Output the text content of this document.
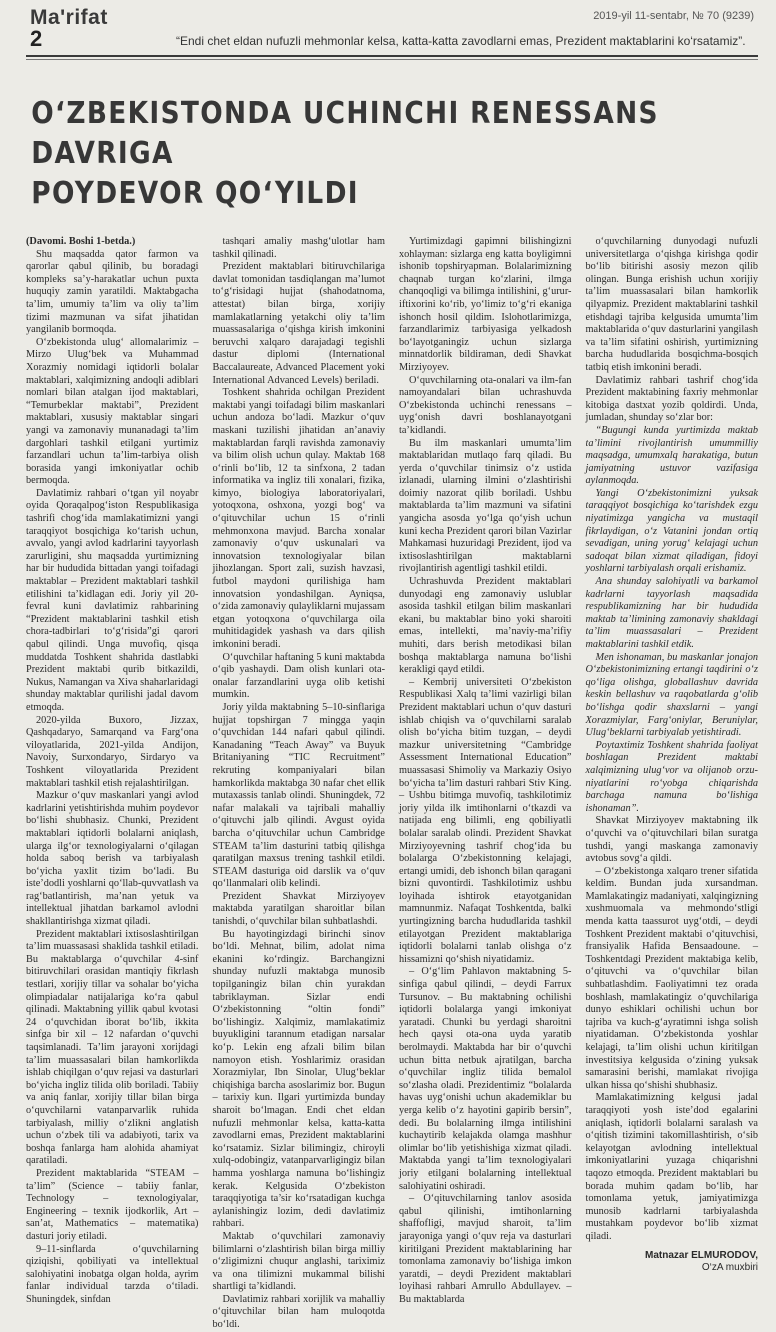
Ma'rifat	2019-yil 11-sentabr, № 70 (9239)
2	“Endi chet eldan nufuzli mehmonlar kelsa, katta-katta zavodlarni emas, Prezident maktablarini ko‘rsatamiz”.
O‘ZBEKISTONDA UCHINCHI RENESSANS DAVRIGA
POYDEVOR QO‘YILDI

(Davomi. Boshi 1-betda.)

Shu maqsadda qator farmon va qarorlar qabul qilinib, bu boradagi kompleks sa’y-harakatlar uchun puxta huquqiy zamin yaratildi. Maktabgacha ta’lim, umumiy ta’lim va oliy ta’lim tizimi mazmunan va sifat jihatidan yangilanib bormoqda.

O‘zbekistonda ulug‘ allomalarimiz – Mirzo Ulug‘bek va Muhammad Xorazmiy nomidagi iqtidorli bolalar maktablari, xalqimizning andoqli adiblari nomlari bilan atalgan ijod maktablari, “Temurbeklar maktabi”, Prezident maktablari, xususiy maktablar singari yangi va zamonaviy munanadagi ta’lim dargohlari tashkil etilgani yurtimiz farzandlari uchun ta’lim-tarbiya olish borasida yangi imkoniyatlar ochib bermoqda.

Davlatimiz rahbari o‘tgan yil noyabr oyida Qoraqalpog‘iston Respublikasiga tashrifi chog‘ida mamlakatimizni yangi taraqqiyot bosqichiga ko‘tarish uchun, avvalo, yangi avlod kadrlarini tayyorlash zarurligini, shu maqsadda yurtimizning har bir hududida bittadan yangi toifadagi maktablar – Prezident maktablari tashkil etilishini ta’kidlagan edi. Joriy yil 20-fevral kuni davlatimiz rahbarining “Prezident maktablarini tashkil etish chora-tadbirlari to‘g‘risida”gi qarori qabul qilindi. Unga muvofiq, qisqa muddatda Toshkent shahrida dastlabki Prezident maktabi qurib bitkazildi, Nukus, Namangan va Xiva shaharlaridagi shunday maktablar qurilishi jadal davom etmoqda.

2020-yilda Buxoro, Jizzax, Qashqadaryo, Samarqand va Farg‘ona viloyatlarida, 2021-yilda Andijon, Navoiy, Surxondaryo, Sirdaryo va Toshkent viloyatlarida Prezident maktablari tashkil etish rejalashtirilgan.

Mazkur o‘quv maskanlari yangi avlod kadrlarini yetishtirishda muhim poydevor bo‘lishi shubhasiz. Chunki, Prezident maktablari iqtidorli bolalarni aniqlash, ularga ilg‘or texnologiyalarni o‘qilagan holda saboq berish va tarbiyalash bo‘yicha yaxlit tizim bo‘ladi. Bu iste’dodli yoshlarni qo‘llab-quvvatlash va rag‘batlantirish, ma’nan yetuk va intellektual jihatdan barkamol avlodni shakllantirishga xizmat qiladi.

Prezident maktablari ixtisoslashtirilgan ta’lim muassasasi shaklida tashkil etiladi. Bu maktablarga o‘quvchilar 4-sinf bitiruvchilari orasidan mantiqiy fikrlash testlari, xorijiy tillar va sohalar bo‘yicha olimpiadalar natijalariga ko‘ra qabul qilinadi. Maktabning yillik qabul kvotasi 24 o‘quvchidan iborat bo‘lib, ikkita sinfga bir xil – 12 nafardan o‘quvchi taqsimlanadi. Ta’lim jarayoni xorijdagi ta’lim muassasalari bilan hamkorlikda ishlab chiqilgan o‘quv rejasi va dasturlari bo‘yicha ingliz tilida olib boriladi. Tabiiy va aniq fanlar, xorijiy tillar bilan birga o‘quvchilarni vatanparvarlik ruhida tarbiyalash, milliy o‘zlikni anglatish uchun o‘zbek tili va adabiyoti, tarix va boshqa fanlarga ham alohida ahamiyat qaratiladi.

Prezident maktablarida “STEAM – ta’lim” (Science – tabiiy fanlar, Technology – texnologiyalar, Engineering – texnik ijodkorlik, Art – san’at, Mathematics – matematika) dasturi joriy etiladi.

9–11-sinflarda o‘quvchilarning qiziqishi, qobiliyati va intellektual salohiyatini inobatga olgan holda, ayrim fanlar individual tarzda o‘tiladi. Shuningdek, sinfdan

tashqari amaliy mashg‘ulotlar ham tashkil qilinadi.

Prezident maktablari bitiruvchilariga davlat tomonidan tasdiqlangan ma’lumot to‘g‘risidagi hujjat (shahodatnoma, attestat) bilan birga, xorijiy mamlakatlarning yetakchi oliy ta’lim muassasalariga o‘qishga kirish imkonini beruvchi xalqaro darajadagi tegishli dastur diplomi (International Baccalaureate, Advanced Placement yoki International Advanced Levels) beriladi.

Toshkent shahrida ochilgan Prezident maktabi yangi toifadagi bilim maskanlari uchun andoza bo‘ladi. Mazkur o‘quv maskani tuzilishi jihatidan an’anaviy maktablardan farqli ravishda zamonaviy va bilim olish uchun qulay. Maktab 168 o‘rinli bo‘lib, 12 ta sinfxona, 2 tadan informatika va ingliz tili xonalari, fizika, kimyo, biologiya laboratoriyalari, yotoqxona, oshxona, yozgi bog‘ va o‘qituvchilar uchun 15 o‘rinli mehmonxona mavjud. Barcha xonalar zamonaviy o‘quv uskunalari va innovatsion texnologiyalar bilan jihozlangan. Sport zali, suzish havzasi, futbol maydoni qurilishiga ham innovatsion yondashilgan. Ayniqsa, o‘zida zamonaviy qulayliklarni mujassam etgan yotoqxona o‘quvchilarga oila muhitidagidek yashash va dars qilish imkonini beradi.

O‘quvchilar haftaning 5 kuni maktabda o‘qib yashaydi. Dam olish kunlari ota-onalar farzandlarini uyga olib ketishi mumkin.

Joriy yilda maktabning 5–10-sinflariga hujjat topshirgan 7 mingga yaqin o‘quvchidan 144 nafari qabul qilindi. Kanadaning “Teach Away” va Buyuk Britaniyaning “TIC Recruitment” rekruting kompaniyalari bilan hamkorlikda maktabga 30 nafar chet ellik mutaxassis tanlab olindi. Shuningdek, 72 nafar malakali va tajribali mahalliy o‘qituvchi jalb qilindi. Avgust oyida barcha o‘qituvchilar uchun Cambridge STEAM ta’lim dasturini tatbiq qilishga qaratilgan maxsus trening tashkil etildi. STEAM dasturiga oid darslik va o‘quv qo‘llanmalari olib kelindi.

Prezident Shavkat Mirziyoyev maktabda yaratilgan sharoitlar bilan tanishdi, o‘quvchilar bilan suhbatlashdi.

Bu hayotingizdagi birinchi sinov bo‘ldi. Mehnat, bilim, adolat nima ekanini ko‘rdingiz. Barchangizni shunday nufuzli maktabga munosib topilganingiz bilan chin yurakdan tabriklayman. Sizlar endi O‘zbekistonning “oltin fondi” bo‘lishingiz. Xalqimiz, mamlakatimiz buyukligini tarannum etadigan narsalar ko‘p. Lekin eng afzali bilim bilan namoyon etish. Yoshlarimiz orasidan Xorazmiylar, Ibn Sinolar, Ulug‘beklar chiqishiga barcha asoslarimiz bor. Bugun – tarixiy kun. Ilgari yurtimizda bunday sharoit bo‘lmagan. Endi chet eldan nufuzli mehmonlar kelsa, katta-katta zavodlarni emas, Prezident maktablarini ko‘rsatamiz. Sizlar bilimingiz, chiroyli xulq-odobingiz, vatanparvarligingiz bilan hamma yoshlarga namuna bo‘lishingiz kerak. Kelgusida O‘zbekiston taraqqiyotiga ta’sir ko‘rsatadigan kuchga aylanishingiz lozim, dedi davlatimiz rahbari.

Maktab o‘quvchilari zamonaviy bilimlarni o‘zlashtirish bilan birga milliy o‘zligimizni chuqur anglashi, tariximiz va ona tilimizni mukammal bilishi shartligi ta’kidlandi.

Davlatimiz rahbari xorijlik va mahalliy o‘qituvchilar bilan ham muloqotda bo‘ldi.

Yurtimizdagi gapimni bilishingizni xohlayman: sizlarga eng katta boyligimni ishonib topshiryapman. Bolalarimizning chaqnab turgan ko‘zlarini, ilmga chanqoqligi va bilimga intilishini, g‘urur-iftixorini ko‘rib, yo‘limiz to‘g‘ri ekaniga ishonch hosil qildim. Islohotlarimizga, farzandlarimiz tarbiyasiga yelkadosh bo‘layotganingiz uchun sizlarga minnatdorlik bildiraman, dedi Shavkat Mirziyoyev.

O‘quvchilarning ota-onalari va ilm-fan namoyandalari bilan uchrashuvda O‘zbekistonda uchinchi renessans – uyg‘onish davri boshlanayotgani ta’kidlandi.

Bu ilm maskanlari umumta’lim maktablaridan mutlaqo farq qiladi. Bu yerda o‘quvchilar tinimsiz o‘z ustida izlanadi, ularning ilmini o‘zlashtirishi doimiy nazorat qilib boriladi. Ushbu maktablarda ta’lim mazmuni va sifatini yangicha asosda yo‘lga qo‘yish uchun kuni kecha Prezident qarori bilan Vazirlar Mahkamasi huzuridagi Prezident, ijod va ixtisoslashtirilgan maktablarni rivojlantirish agentligi tashkil etildi.

Uchrashuvda Prezident maktablari dunyodagi eng zamonaviy uslublar asosida tashkil etilgan bilim maskanlari ekani, bu maktablar bino yoki sharoiti emas, intellekti, ma’naviy-ma’rifiy muhiti, dars berish metodikasi bilan boshqa maktablarga namuna bo‘lishi kerakligi qayd etildi.

– Kembrij universiteti O‘zbekiston Respublikasi Xalq ta’limi vazirligi bilan Prezident maktablari uchun o‘quv dasturi ishlab chiqish va o‘quvchilarni saralab olish bo‘yicha bitim tuzgan, – deydi mazkur universitetning “Cambridge Assessment International Education” muassasasi Shimoliy va Markaziy Osiyo bo‘yicha ta’lim dasturi rahbari Stiv King. – Ushbu bitimga muvofiq, tashkilotimiz joriy yilda ilk imtihonlarni o‘tkazdi va natijada eng bilimli, eng qobiliyatli bolalar saralab olindi. Prezident Shavkat Mirziyoyevning tashrif chog‘ida bu bolalarga O‘zbekistonning kelajagi, ertangi umidi, deb ishonch bilan qaragani bizni quvontirdi. Tashkilotimiz ushbu loyihada ishtirok etayotganidan mamnunmiz. Nafaqat Toshkentda, balki yurtingizning barcha hududlarida tashkil etilayotgan Prezident maktablariga iqtidorli bolalarni tanlab olishga o‘z hissamizni qo‘shish niyatidamiz.

– O‘g‘lim Pahlavon maktabning 5-sinfiga qabul qilindi, – deydi Farrux Tursunov. – Bu maktabning ochilishi iqtidorli bolalarga yangi imkoniyat yaratadi. Chunki bu yerdagi sharoitni hech qaysi ota-ona uyda yaratib berolmaydi. Maktabda har bir o‘quvchi uchun bitta netbuk ajratilgan, barcha o‘quvchilar ingliz tilida bemalol so‘zlasha oladi. Prezidentimiz “bolalarda havas uyg‘onishi uchun akademiklar bu yerga kelib o‘z hayotini gapirib bersin”, dedi. Bu bolalarning ilmga intilishini kuchaytirib kelajakda olamga mashhur olimlar bo‘lib yetishishiga xizmat qiladi. Maktabda yangi ta’lim texnologiyalari joriy etilgani bolalarning intellektual salohiyatini oshiradi.

– O‘qituvchilarning tanlov asosida qabul qilinishi, imtihonlarning shaffofligi, mavjud sharoit, ta’lim jarayoniga yangi o‘quv reja va dasturlari kiritilgani Prezident maktablarining har tomonlama zamonaviy bo‘lishiga imkon yaratdi, – deydi Prezident maktablari loyihasi rahbari Amrullo Abdullayev. – Bu maktablarda

o‘quvchilarning dunyodagi nufuzli universitetlarga o‘qishga kirishga qodir bo‘lib bitirishi asosiy mezon qilib olingan. Bunga erishish uchun xorijiy ta’lim muassasalari bilan hamkorlik qilyapmiz. Prezident maktablarini tashkil etishdagi tajriba kelgusida umumta’lim maktablarida o‘quv dasturlarini yangilash va ta’lim sifatini oshirish, yurtimizning barcha hududlarida bosqichma-bosqich tatbiq etish imkonini beradi.

Davlatimiz rahbari tashrif chog‘ida Prezident maktabining faxriy mehmonlar kitobiga dastxat yozib qoldirdi. Unda, jumladan, shunday so‘zlar bor:

“Bugungi kunda yurtimizda maktab ta’limini rivojlantirish umummilliy maqsadga, umumxalq harakatiga, butun jamiyatning ustuvor vazifasiga aylanmoqda.

Yangi O‘zbekistonimizni yuksak taraqqiyot bosqichiga ko‘tarishdek ezgu niyatimizga yangicha va mustaqil fikrlaydigan, o‘z Vatanini jondan ortiq sevadigan, uning yorug‘ kelajagi uchun sadoqat bilan xizmat qiladigan, fidoyi yoshlarni tarbiyalash orqali erishamiz.

Ana shunday salohiyatli va barkamol kadrlarni tayyorlash maqsadida respublikamizning har bir hududida maktab ta’limining zamonaviy shakldagi ta’lim muassasalari – Prezident maktablarini tashkil etdik.

Men ishonaman, bu maskanlar jonajon O‘zbekistonimizning ertangi taqdirini o‘z qo‘liga olishga, globallashuv davrida keskin bellashuv va raqobatlarda g‘olib bo‘lishga qodir shaxslarni – yangi Xorazmiylar, Farg‘oniylar, Beruniylar, Ulug‘beklarni tarbiyalab yetishtiradi.

Poytaxtimiz Toshkent shahrida faoliyat boshlagan Prezident maktabi xalqimizning ulug‘vor va olijanob orzu-niyatlarini ro‘yobga chiqarishda barchaga namuna bo‘lishiga ishonaman”.

Shavkat Mirziyoyev maktabning ilk o‘quvchi va o‘qituvchilari bilan suratga tushdi, yangi maskanga zamonaviy avtobus sovg‘a qildi.

– O‘zbekistonga xalqaro trener sifatida keldim. Bundan juda xursandman. Mamlakatingiz madaniyati, xalqingizning xushmuomala va mehmondo‘stligi menda katta taassurot uyg‘otdi, – deydi Toshkent Prezident maktabi o‘qituvchisi, fransiyalik Hafida Bensaadoune. – Toshkentdagi Prezident maktabiga kelib, o‘qituvchi va o‘quvchilar bilan suhbatlashdim. Faoliyatimni tez orada boshlash, mamlakatingiz o‘quvchilariga dunyo eshiklari ochilishi uchun bor tajriba va kuch-g‘ayratimni ishga solish niyatidaman. O‘zbekistonda yoshlar kelajagi, ta’lim olishi uchun kiritilgan investitsiya kelgusida o‘zining yuksak samarasini berishi, mamlakat rivojiga ulkan hissa qo‘shishi shubhasiz.

Mamlakatimizning kelgusi jadal taraqqiyoti yosh iste’dod egalarini aniqlash, iqtidorli bolalarni saralash va o‘qitish tizimini takomillashtirish, o‘sib kelayotgan avlodning intellektual imkoniyatlarini yuzaga chiqarishni taqozo etmoqda. Prezident maktablari bu borada muhim qadam bo‘lib, har tomonlama yetuk, jamiyatimizga munosib kadrlarni tarbiyalashda mustahkam poydevor bo‘lib xizmat qiladi.

Matnazar ELMURODOV,
O‘zA muxbiri
